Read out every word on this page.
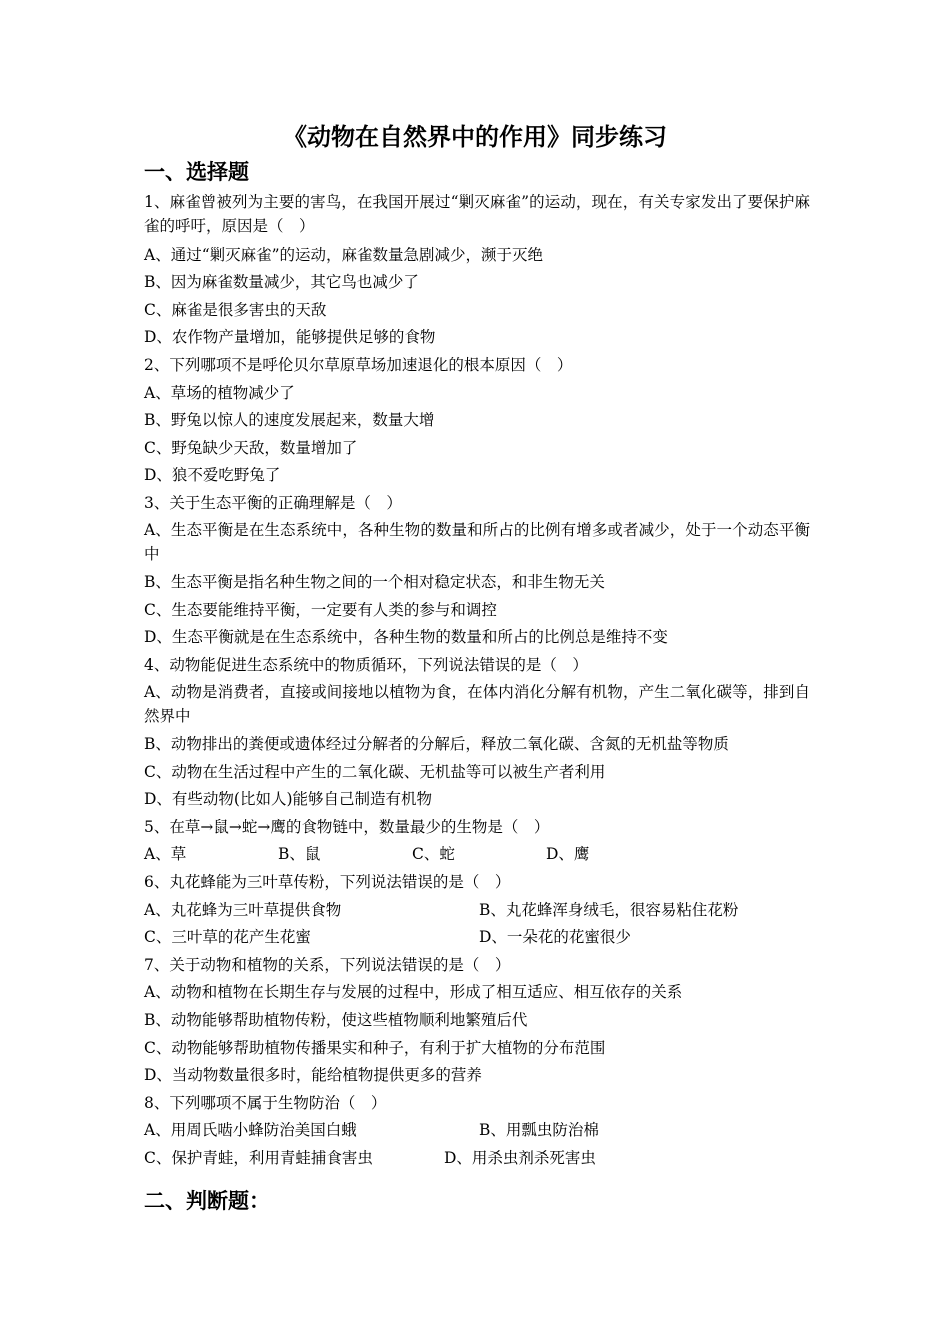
《动物在自然界中的作用》同步练习
一、选择题
1、麻雀曾被列为主要的害鸟，在我国开展过“剿灭麻雀”的运动，现在，有关专家发出了要保护麻雀的呼吁，原因是（　）
A、通过“剿灭麻雀”的运动，麻雀数量急剧减少，濒于灭绝
B、因为麻雀数量减少，其它鸟也减少了
C、麻雀是很多害虫的天敌
D、农作物产量增加，能够提供足够的食物
2、下列哪项不是呼伦贝尔草原草场加速退化的根本原因（　）
A、草场的植物减少了
B、野兔以惊人的速度发展起来，数量大增
C、野兔缺少天敌，数量增加了
D、狼不爱吃野兔了
3、关于生态平衡的正确理解是（　）
A、生态平衡是在生态系统中，各种生物的数量和所占的比例有增多或者减少，处于一个动态平衡中
B、生态平衡是指名种生物之间的一个相对稳定状态，和非生物无关
C、生态要能维持平衡，一定要有人类的参与和调控
D、生态平衡就是在生态系统中，各种生物的数量和所占的比例总是维持不变
4、动物能促进生态系统中的物质循环，下列说法错误的是（　）
A、动物是消费者，直接或间接地以植物为食，在体内消化分解有机物，产生二氧化碳等，排到自然界中
B、动物排出的粪便或遗体经过分解者的分解后，释放二氧化碳、含氮的无机盐等物质
C、动物在生活过程中产生的二氧化碳、无机盐等可以被生产者利用
D、有些动物(比如人)能够自己制造有机物
5、在草→鼠→蛇→鹰的食物链中，数量最少的生物是（　）
A、草	B、鼠	C、蛇	D、鹰
6、丸花蜂能为三叶草传粉，下列说法错误的是（　）
A、丸花蜂为三叶草提供食物	B、丸花蜂浑身绒毛，很容易粘住花粉
C、三叶草的花产生花蜜	D、一朵花的花蜜很少
7、关于动物和植物的关系，下列说法错误的是（　）
A、动物和植物在长期生存与发展的过程中，形成了相互适应、相互依存的关系
B、动物能够帮助植物传粉，使这些植物顺利地繁殖后代
C、动物能够帮助植物传播果实和种子，有利于扩大植物的分布范围
D、当动物数量很多时，能给植物提供更多的营养
8、下列哪项不属于生物防治（　）
A、用周氏啮小蜂防治美国白蛾	B、用瓢虫防治棉
C、保护青蛙，利用青蛙捕食害虫	D、用杀虫剂杀死害虫
二、判断题：
